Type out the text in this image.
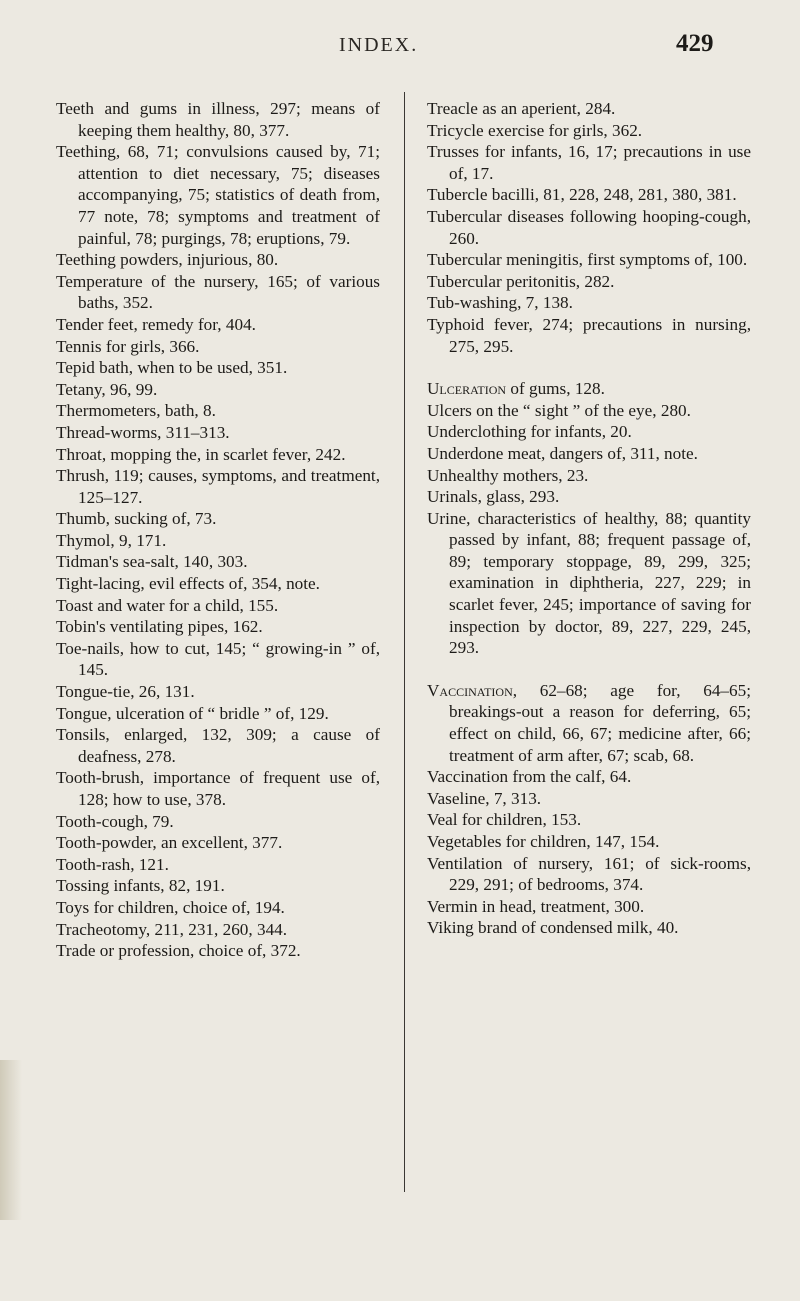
INDEX.	429
Teeth and gums in illness, 297; means of keeping them healthy, 80, 377.
Teething, 68, 71; convulsions caused by, 71; attention to diet necessary, 75; diseases accompanying, 75; statistics of death from, 77 note, 78; symptoms and treatment of painful, 78; purgings, 78; eruptions, 79.
Teething powders, injurious, 80.
Temperature of the nursery, 165; of various baths, 352.
Tender feet, remedy for, 404.
Tennis for girls, 366.
Tepid bath, when to be used, 351.
Tetany, 96, 99.
Thermometers, bath, 8.
Thread-worms, 311–313.
Throat, mopping the, in scarlet fever, 242.
Thrush, 119; causes, symptoms, and treatment, 125–127.
Thumb, sucking of, 73.
Thymol, 9, 171.
Tidman's sea-salt, 140, 303.
Tight-lacing, evil effects of, 354, note.
Toast and water for a child, 155.
Tobin's ventilating pipes, 162.
Toe-nails, how to cut, 145; “ growing-in ” of, 145.
Tongue-tie, 26, 131.
Tongue, ulceration of “ bridle ” of, 129.
Tonsils, enlarged, 132, 309; a cause of deafness, 278.
Tooth-brush, importance of frequent use of, 128; how to use, 378.
Tooth-cough, 79.
Tooth-powder, an excellent, 377.
Tooth-rash, 121.
Tossing infants, 82, 191.
Toys for children, choice of, 194.
Tracheotomy, 211, 231, 260, 344.
Trade or profession, choice of, 372.
Treacle as an aperient, 284.
Tricycle exercise for girls, 362.
Trusses for infants, 16, 17; precautions in use of, 17.
Tubercle bacilli, 81, 228, 248, 281, 380, 381.
Tubercular diseases following hooping-cough, 260.
Tubercular meningitis, first symptoms of, 100.
Tubercular peritonitis, 282.
Tub-washing, 7, 138.
Typhoid fever, 274; precautions in nursing, 275, 295.
Ulceration of gums, 128.
Ulcers on the “ sight ” of the eye, 280.
Underclothing for infants, 20.
Underdone meat, dangers of, 311, note.
Unhealthy mothers, 23.
Urinals, glass, 293.
Urine, characteristics of healthy, 88; quantity passed by infant, 88; frequent passage of, 89; temporary stoppage, 89, 299, 325; examination in diphtheria, 227, 229; in scarlet fever, 245; importance of saving for inspection by doctor, 89, 227, 229, 245, 293.
Vaccination, 62–68; age for, 64–65; breakings-out a reason for deferring, 65; effect on child, 66, 67; medicine after, 66; treatment of arm after, 67; scab, 68.
Vaccination from the calf, 64.
Vaseline, 7, 313.
Veal for children, 153.
Vegetables for children, 147, 154.
Ventilation of nursery, 161; of sick-rooms, 229, 291; of bedrooms, 374.
Vermin in head, treatment, 300.
Viking brand of condensed milk, 40.
